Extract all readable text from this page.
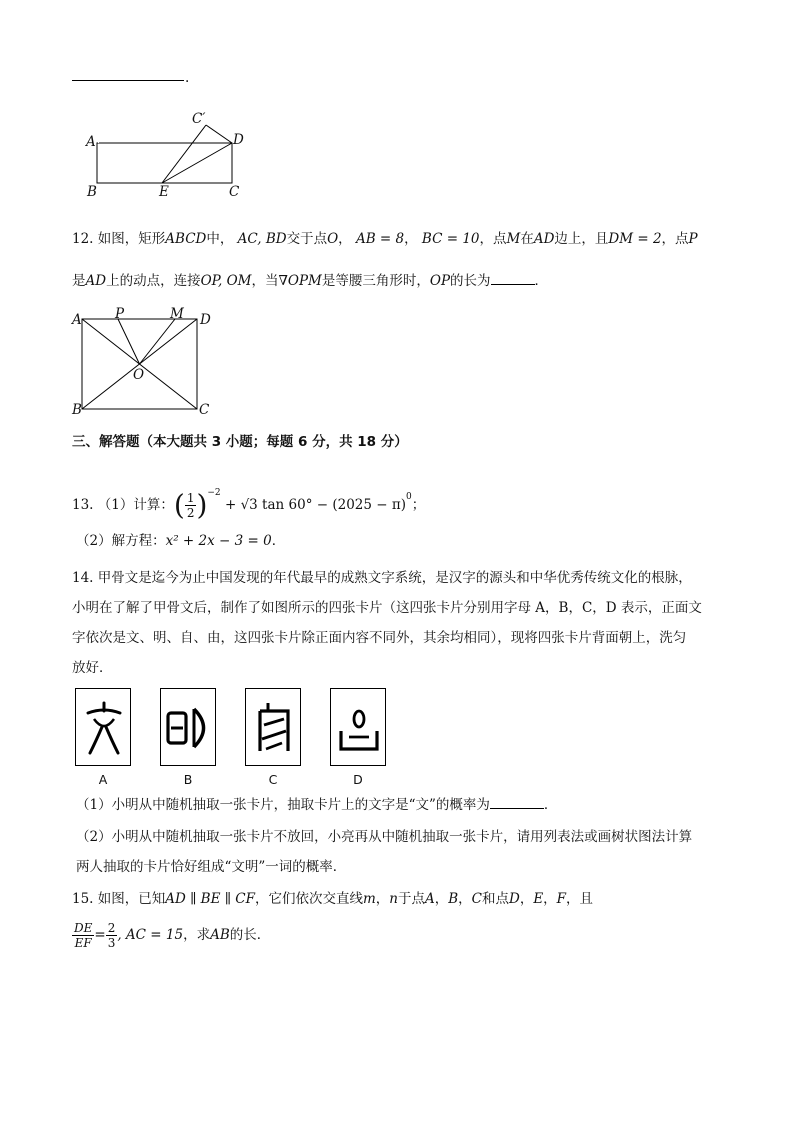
.
A
B	E	C
D
C′
12. 如图，矩形ABCD中， AC, BD交于点O， AB = 8， BC = 10，点M在AD边上，且DM = 2，点P
是AD上的动点，连接OP, OM，当∇OPM是等腰三角形时，OP的长为	．
A P	M D
O
B	C
三、解答题（本大题共 3 小题；每题 6 分，共 18 分）
13. （1）计算：( $\frac{1}{2} )^{-2} + √3$ $\tan 60^\circ - (2025 - \pi)^0$；
（2）解方程：x² + 2x − 3 = 0．
14. 甲骨文是迄今为止中国发现的年代最早的成熟文字系统，是汉字的源头和中华优秀传统文化的根脉，
小明在了解了甲骨文后，制作了如图所示的四张卡片（这四张卡片分别用字母 A，B，C，D 表示，正面文
字依次是文、明、自、由，这四张卡片除正面内容不同外，其余均相同），现将四张卡片背面朝上，洗匀
放好．
A	B	C	D
（1）小明从中随机抽取一张卡片，抽取卡片上的文字是“文”的概率为	．
（2）小明从中随机抽取一张卡片不放回，小亮再从中随机抽取一张卡片，请用列表法或画树状图法计算
两人抽取的卡片恰好组成“文明”一词的概率．
15. 如图，已知AD ∥ BE ∥ CF，它们依次交直线m，n于点A，B，C和点D，E，F，且
$\frac{DE}{EF} = \frac{2}{3}$ , AC = 15，求AB的长．
